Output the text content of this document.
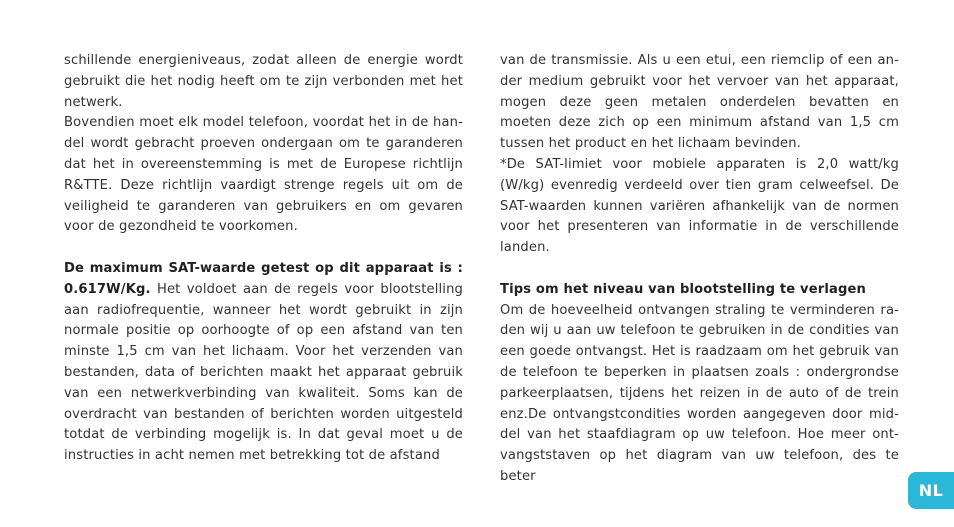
schillende energieniveaus, zodat alleen de energie wordt gebruikt die het nodig heeft om te zijn verbonden met het netwerk.

Bovendien moet elk model telefoon, voordat het in de han-del wordt gebracht proeven ondergaan om te garanderen dat het in overeenstemming is met de Europese richtlijn R&TTE. Deze richtlijn vaardigt strenge regels uit om de veiligheid te garanderen van gebruikers en om gevaren voor de gezondheid te voorkomen.

De maximum SAT-waarde getest op dit apparaat is : 0.617W/Kg. Het voldoet aan de regels voor blootstelling aan radiofrequentie, wanneer het wordt gebruikt in zijn normale positie op oorhoogte of op een afstand van ten minste 1,5 cm van het lichaam. Voor het verzenden van bestanden, data of berichten maakt het apparaat gebruik van een netwerkverbinding van kwaliteit. Soms kan de overdracht van bestanden of berichten worden uitgesteld totdat de verbinding mogelijk is. In dat geval moet u de instructies in acht nemen met betrekking tot de afstand

van de transmissie. Als u een etui, een riemclip of een an-der medium gebruikt voor het vervoer van het apparaat, mogen deze geen metalen onderdelen bevatten en moeten deze zich op een minimum afstand van 1,5 cm tussen het product en het lichaam bevinden.

*De SAT-limiet voor mobiele apparaten is 2,0 watt/kg (W/kg) evenredig verdeeld over tien gram celweefsel. De SAT-waarden kunnen variëren afhankelijk van de normen voor het presenteren van informatie in de verschillende landen.

Tips om het niveau van blootstelling te verlagen

Om de hoeveelheid ontvangen straling te verminderen ra-den wij u aan uw telefoon te gebruiken in de condities van een goede ontvangst. Het is raadzaam om het gebruik van de telefoon te beperken in plaatsen zoals : ondergrondse parkeerplaatsen, tijdens het reizen in de auto of de trein enz.De ontvangstcondities worden aangegeven door mid-del van het staafdiagram op uw telefoon. Hoe meer ont-vangststaven op het diagram van uw telefoon, des te beter

NL
